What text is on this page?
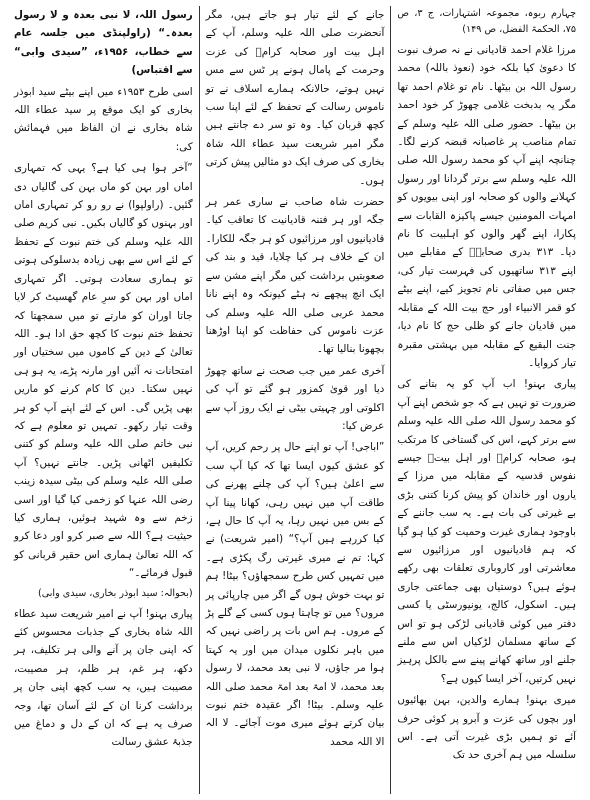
چہارم ربوہ، مجموعہ اشتہارات، ج ۳، ص ۷۵، الحکمۃ الفضل، ص ۱۴۹)

مرزا غلام احمد قادیانی نے نہ صرف نبوت کا دعویٰ کیا بلکہ خود (نعوذ باللہ) محمد رسول اللہ بن بیٹھا۔ نام تو غلام احمد تھا مگر یہ بدبخت غلامی چھوڑ کر خود احمد بن بیٹھا۔ حضور صلی اللہ علیہ وسلم کے تمام مناصب پر غاصبانہ قبضہ کرنے لگا۔ چنانچہ اپنے آپ کو محمد رسول اللہ صلی اللہ علیہ وسلم سے برتر گردانا اور رسول کہلانے والوں کو صحابہ اور اپنی بیویوں کو امہات المومنین جیسے پاکیزہ القابات سے پکارا، اپنے گھر والوں کو اہلبیت کا نام دیا۔ ۳۱۳ بدری صحابہؓ کے مقابلے میں اپنے ۳۱۳ ساتھیوں کی فہرست تیار کی، جس میں صفاتی نام تجویز کیے، اپنے بیٹے کو قمر الانبیاء اور حج بیت اللہ کے مقابلہ میں قادیان جانے کو ظلی حج کا نام دیا، جنت البقیع کے مقابلہ میں بہشتی مقبرہ تیار کروایا۔

پیاری بہنو! اب آپ کو یہ بتانے کی ضرورت تو نہیں ہے کہ جو شخص اپنے آپ کو محمد رسول اللہ صلی اللہ علیہ وسلم سے برتر کہے، اس کی گستاخی کا مرتکب ہو، صحابہ کرامؓ اور اہل بیتؓ جیسے نفوس قدسیہ کے مقابلہ میں مرزا کے یاروں اور خاندان کو پیش کرنا کتنی بڑی بے غیرتی کی بات ہے۔ یہ سب جاننے کے باوجود ہماری غیرت وحمیت کو کیا ہو گیا کہ ہم قادیانیوں اور مرزائیوں سے معاشرتی اور کاروباری تعلقات بھی رکھے ہوئے ہیں؟ دوستیاں بھی جماعتی جاری ہیں۔ اسکول، کالج، یونیورسٹی یا کسی دفتر میں کوئی قادیانی لڑکی ہو تو اس کے ساتھ مسلمان لڑکیاں اس سے ملنے جلنے اور ساتھ کھانے پینے سے بالکل پرہیز نہیں کرتیں، آخر ایسا کیوں ہے؟

میری بہنو! ہمارے والدین، بہن بھائیوں اور بچوں کی عزت و آبرو پر کوئی حرف آئے تو ہمیں بڑی غیرت آتی ہے۔ اس سلسلہ میں ہم آخری حد تک

جانے کے لئے تیار ہو جاتے ہیں، مگر آنحضرت صلی اللہ علیہ وسلم، آپ کے اہل بیت اور صحابہ کرامؓ کی عزت وحرمت کے پامال ہونے پر ٹس سے مس نہیں ہوتے، حالانکہ ہمارے اسلاف نے تو ناموس رسالت کے تحفظ کے لئے اپنا سب کچھ قربان کیا۔ وہ تو سر دے جانتے ہیں مگر امیر شریعت سید عطاء اللہ شاہ بخاری کی صرف ایک دو مثالیں پیش کرتی ہوں۔

حضرت شاہ صاحب نے ساری عمر ہر جگہ اور ہر فتنہ قادیانیت کا تعاقب کیا۔ قادیانیوں اور مرزائیوں کو ہر جگہ للکارا۔ ان کے خلاف ہر کیا چلایا، قید و بند کی صعوبتیں برداشت کیں مگر اپنے مشن سے ایک انچ پیچھے نہ ہٹے کیونکہ وہ اپنے نانا محمد عربی صلی اللہ علیہ وسلم کی عزت ناموس کی حفاظت کو اپنا اوڑھنا بچھونا بنالیا تھا۔

آخری عمر میں جب صحت نے ساتھ چھوڑ دیا اور قویٰ کمزور ہو گئے تو آپ کی اکلوتی اور چہیتی بیٹی نے ایک روز آپ سے عرض کیا:

”اباجی! آپ تو اپنے حال پر رحم کریں، آپ کو عشق کیوں ایسا تھا کہ کیا آپ سب سے اعلیٰ ہیں؟ آپ کی چلنے پھرنے کی طاقت آپ میں نہیں رہی، کھانا پینا آپ کے بس میں نہیں رہا، یہ آپ کا حال ہے، کیا کررہے ہیں آپ؟“ (امیر شریعت) نے کہا: تم نے میری غیرتی رگ پکڑی ہے۔ میں تمہیں کس طرح سمجھاؤں؟ بیٹا! ہم تو بہت خوش ہوں گے اگر میں چارپائی پر مروں؟ میں تو چاہتا ہوں کسی کے گلے پڑ کے مروں۔ ہم اس بات پر راضی نہیں کہ میں باہر نکلوں میدان میں اور یہ کہتا ہوا مر جاؤں، لا نبی بعد محمد، لا رسول بعد محمد، لا امۃ بعد امۃ محمد صلی اللہ علیہ وسلم۔ بیٹا! اگر عقیدہ ختم نبوت بیان کرتے ہوئے میری موت آجائے۔ لا الہ الا اللہ محمد

رسول اللہ، لا نبی بعدہ و لا رسول بعدہ۔“ (راولپنڈی میں جلسہ عام سے خطاب، ۱۹۵۶ء، ”سیدی وابی“ سے اقتباس)

اسی طرح ۱۹۵۳ء میں اپنے بیٹے سید ابوذر بخاری کو ایک موقع پر سید عطاء اللہ شاہ بخاری نے ان الفاظ میں فہمائش کی:

”آخر ہوا ہی کیا ہے؟ یہی کہ تمہاری اماں اور بہن کو ماں بہن کی گالیاں دی گئیں۔ (راولپوا) نے رو رو کر تمہاری اماں اور بہنوں کو گالیاں بکیں۔ نبی کریم صلی اللہ علیہ وسلم کی ختم نبوت کے تحفظ کے لئے اس سے بھی زیادہ بدسلوکی ہوتی تو ہماری سعادت ہوتی۔ اگر تمہاری اماں اور بہن کو سرِ عام گھسیٹ کر لایا جاتا اوران کو مارتے تو میں سمجھتا کہ تحفظ ختم نبوت کا کچھ حق ادا ہو۔ اللہ تعالیٰ کے دین کے کاموں میں سختیاں اور امتحانات نہ آئیں اور مارنہ پڑے، یہ ہو ہی نہیں سکتا۔ دین کا کام کرنے کو ماریں بھی پڑیں گی۔ اس کے لئے اپنے آپ کو ہر وقت تیار رکھو۔ تمہیں تو معلوم ہے کہ نبی خاتم صلی اللہ علیہ وسلم کو کتنی تکلیفیں اٹھانی پڑیں۔ جانتے نہیں؟ آپ صلی اللہ علیہ وسلم کی بیٹی سیدہ زینب رضی اللہ عنہا کو زخمی کیا گیا اور اسی زخم سے وہ شہید ہوئیں، ہماری کیا حیثیت ہے؟ اللہ سے صبر کرو اور دعا کرو کہ اللہ تعالیٰ ہماری اس حقیر قربانی کو قبول فرمائے۔“

(بحوالہ: سید ابوذر بخاری، سیدی وابی)

پیاری بہنو! آپ نے امیر شریعت سید عطاء اللہ شاہ بخاری کے جذبات محسوس کئے کہ اپنی جان پر آنے والی ہر تکلیف، ہر دکھ، ہر غم، ہر ظلم، ہر مصیبت، مصیبت ہیں، یہ سب کچھ اپنی جان پر برداشت کرنا ان کے لئے آسان تھا، وجہ صرف یہ ہے کہ ان کے دل و دماغ میں جذبۂ عشق رسالت
